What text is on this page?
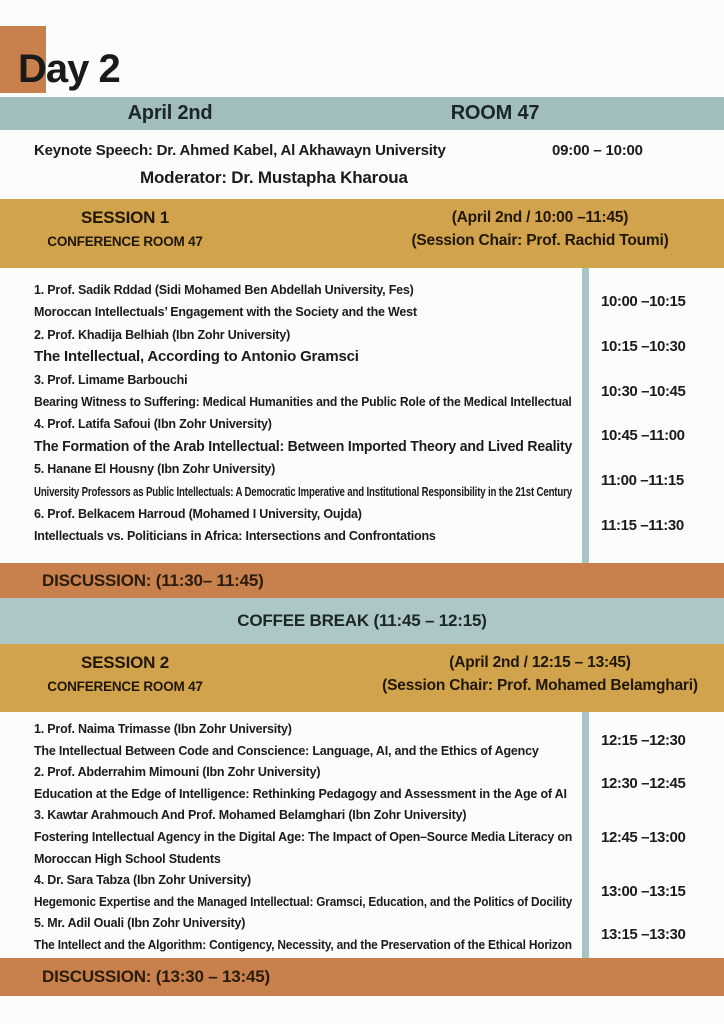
Day 2
April 2nd	ROOM 47
Keynote Speech: Dr. Ahmed Kabel, Al Akhawayn University	09:00 – 10:00
Moderator: Dr. Mustapha Kharoua
SESSION 1
CONFERENCE ROOM 47
(April 2nd / 10:00 –11:45)
(Session Chair: Prof. Rachid Toumi)
1. Prof. Sadik Rddad (Sidi Mohamed Ben Abdellah University, Fes)
Moroccan Intellectuals’ Engagement with the Society and the West
10:00 –10:15
2. Prof. Khadija Belhiah (Ibn Zohr University)
The Intellectual, According to Antonio Gramsci
10:15 –10:30
3. Prof. Limame Barbouchi
Bearing Witness to Suffering: Medical Humanities and the Public Role of the Medical Intellectual
10:30 –10:45
4. Prof. Latifa Safoui (Ibn Zohr University)
The Formation of the Arab Intellectual: Between Imported Theory and Lived Reality
10:45 –11:00
5. Hanane El Housny (Ibn Zohr University)
University Professors as Public Intellectuals: A Democratic Imperative and Institutional Responsibility in the 21st Century
11:00 –11:15
6. Prof. Belkacem Harroud (Mohamed I University, Oujda)
Intellectuals vs. Politicians in Africa: Intersections and Confrontations
11:15 –11:30
DISCUSSION: (11:30– 11:45)
COFFEE BREAK (11:45 – 12:15)
SESSION 2
CONFERENCE ROOM 47
(April 2nd / 12:15 – 13:45)
(Session Chair: Prof. Mohamed Belamghari)
1. Prof. Naima Trimasse (Ibn Zohr University)
The Intellectual Between Code and Conscience: Language, AI, and the Ethics of Agency
12:15 –12:30
2. Prof. Abderrahim Mimouni (Ibn Zohr University)
Education at the Edge of Intelligence: Rethinking Pedagogy and Assessment in the Age of AI
12:30 –12:45
3. Kawtar Arahmouch And Prof. Mohamed Belamghari (Ibn Zohr University)
Fostering Intellectual Agency in the Digital Age: The Impact of Open–Source Media Literacy on
Moroccan High School Students
12:45 –13:00
4. Dr. Sara Tabza (Ibn Zohr University)
Hegemonic Expertise and the Managed Intellectual: Gramsci, Education, and the Politics of Docility
13:00 –13:15
5. Mr. Adil Ouali (Ibn Zohr University)
The Intellect and the Algorithm: Contigency, Necessity, and the Preservation of the Ethical Horizon
13:15 –13:30
DISCUSSION: (13:30 – 13:45)
